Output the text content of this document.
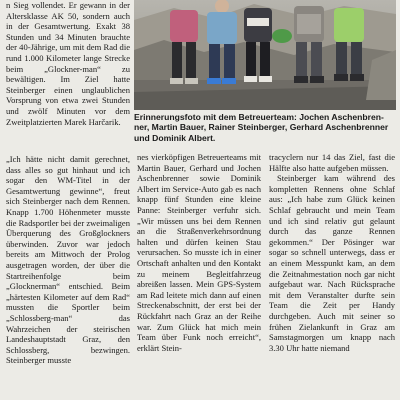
n Sieg vollendet. Er gewann in der Altersklasse AK 50, sondern auch in der Gesamtwertung. Exakt 38 Stunden und 34 Minuten brauchte der 40-Jährige, um mit dem Rad die rund 1.000 Kilometer lange Strecke beim „Glockner-man“ zu bewältigen. Im Ziel hatte Steinberger einen unglaublichen Vorsprung von etwa zwei Stunden und zwölf Minuten vor dem Zweitplatzierten Marek Harčarik.	Erinnerungsfoto mit dem Betreuerteam: Jochen Aschenbren-
ner, Martin Bauer, Rainer Steinberger, Gerhard Aschenbrenner
und Dominik Albert.

„Ich hätte nicht damit gerechnet, dass alles so gut hinhaut und ich sogar den WM-Titel in der Gesamtwertung gewinne“, freut sich Steinberger nach dem Rennen. Knapp 1.700 Höhenmeter musste die Radsportler bei der zweimaligen Überquerung des Großglockners überwinden. Zuvor war jedoch bereits am Mittwoch der Prolog ausgetragen worden, der über die Startreihenfolge beim „Glocknerman“ entschied. Beim „härtesten Kilometer auf dem Rad“ mussten die Sportler beim „Schlossberg-man“ das Wahrzeichen der steirischen Landeshauptstadt Graz, den Schlossberg, bezwingen. Steinberger musste

nes vierköpfigen Betreuerteams mit Martin Bauer, Gerhard und Jochen Aschenbrenner sowie Dominik Albert im Service-Auto gab es nach knapp fünf Stunden eine kleine Panne: Steinberger verfuhr sich. „Wir müssen uns bei dem Rennen an die Straßenverkehrsordnung halten und dürfen keinen Stau verursachen. So musste ich in einer Ortschaft anhalten und den Kontakt zu meinem Begleitfahrzeug abreißen lassen. Mein GPS-System am Rad leitete mich dann auf einen Streckenabschnitt, der erst bei der Rückfahrt nach Graz an der Reihe war. Zum Glück hat mich mein Team über Funk noch erreicht“, erklärt Stein-

tracyclern nur 14 das Ziel, fast die Hälfte also hatte aufgeben müssen.

Steinberger kam während des kompletten Rennens ohne Schlaf aus: „Ich habe zum Glück keinen Schlaf gebraucht und mein Team und ich sind relativ gut gelaunt durch das ganze Rennen gekommen.“ Der Pösinger war sogar so schnell unterwegs, dass er an einem Messpunkt kam, an dem die Zeitnahmestation noch gar nicht aufgebaut war. Nach Rücksprache mit dem Veranstalter durfte sein Team die Zeit per Handy durchgeben. Auch mit seiner so frühen Zielankunft in Graz am Samstagmorgen um knapp nach 3.30 Uhr hatte niemand
